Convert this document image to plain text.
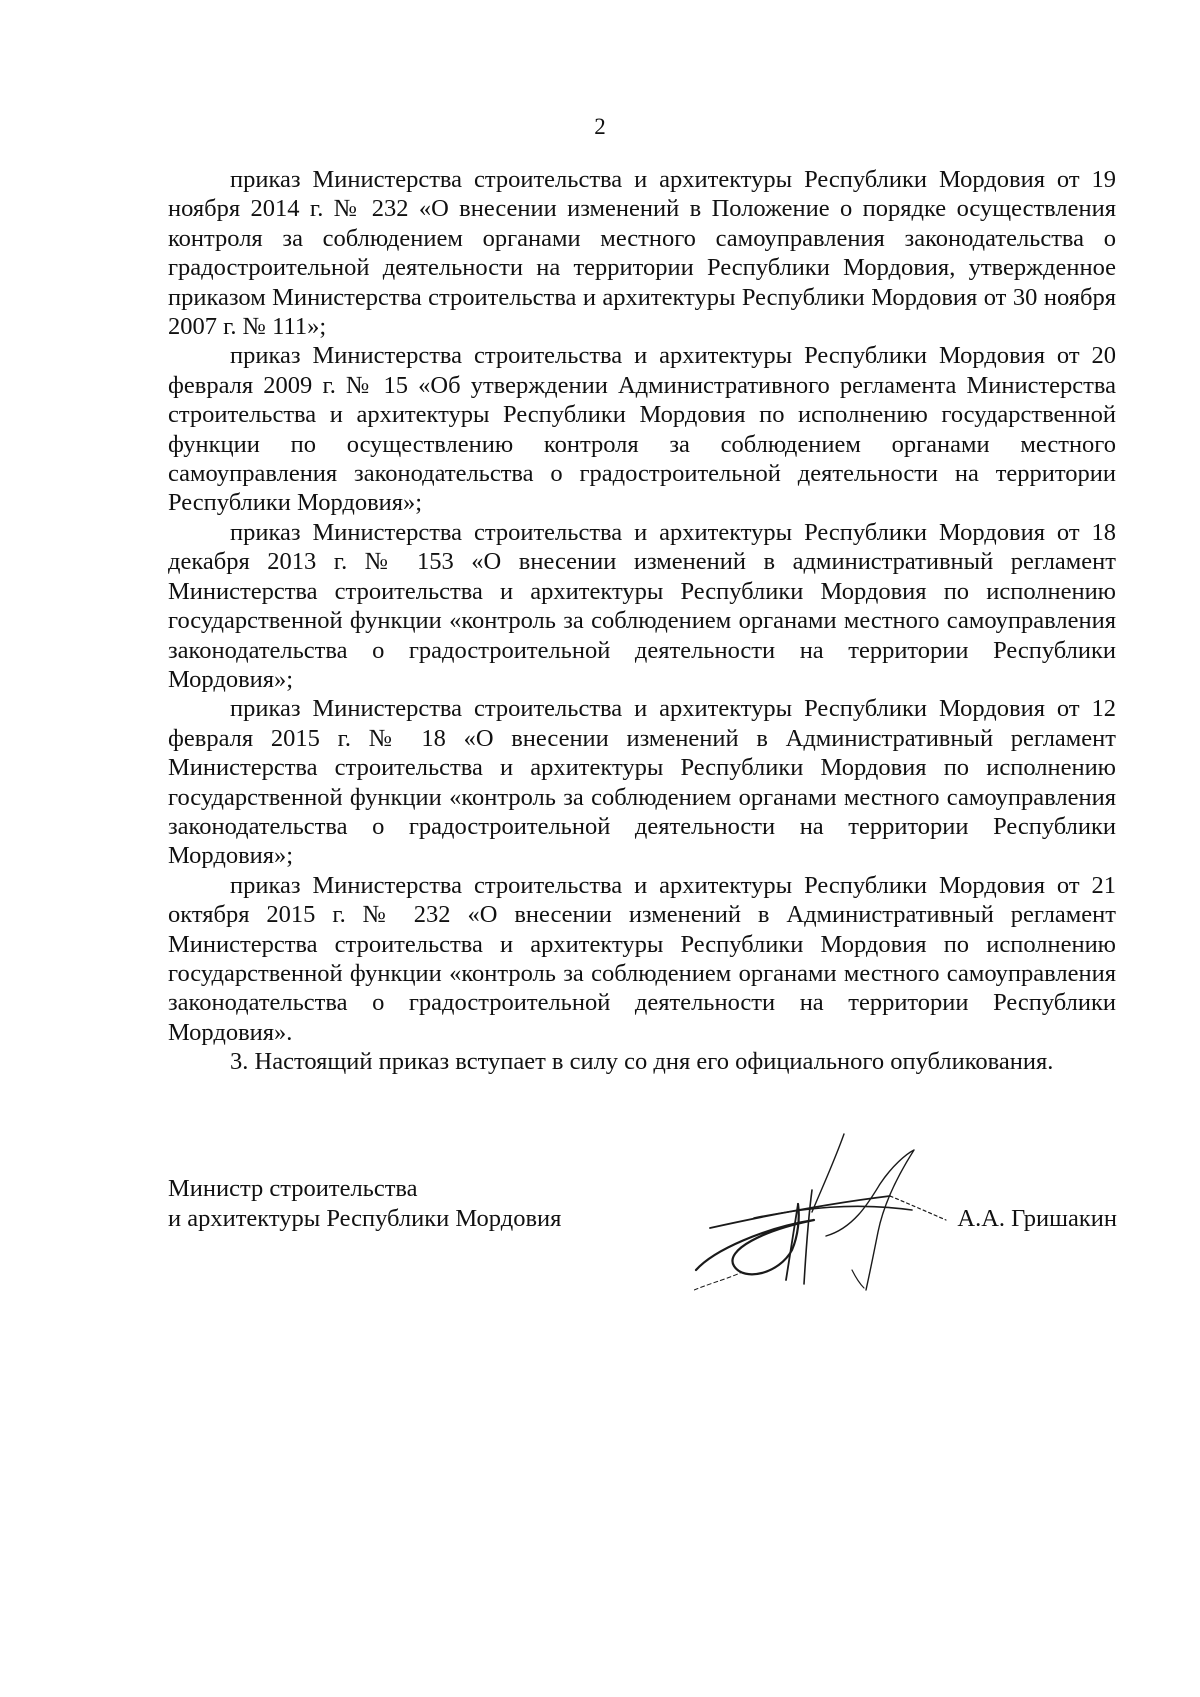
2

приказ Министерства строительства и архитектуры Республики Мордовия от 19 ноября 2014 г. № 232 «О внесении изменений в Положение о порядке осуществления контроля за соблюдением органами местного самоуправления законодательства о градостроительной деятельности на территории Республики Мордовия, утвержденное приказом Министерства строительства и архитектуры Республики Мордовия от 30 ноября 2007 г. № 111»;

приказ Министерства строительства и архитектуры Республики Мордовия от 20 февраля 2009 г. № 15 «Об утверждении Административного регламента Министерства строительства и архитектуры Республики Мордовия по исполнению государственной функции по осуществлению контроля за соблюдением органами местного самоуправления законодательства о градостроительной деятельности на территории Республики Мордовия»;

приказ Министерства строительства и архитектуры Республики Мордовия от 18 декабря 2013 г. № 153 «О внесении изменений в административный регламент Министерства строительства и архитектуры Республики Мордовия по исполнению государственной функции «контроль за соблюдением органами местного самоуправления законодательства о градостроительной деятельности на территории Республики Мордовия»;

приказ Министерства строительства и архитектуры Республики Мордовия от 12 февраля 2015 г. № 18 «О внесении изменений в Административный регламент Министерства строительства и архитектуры Республики Мордовия по исполнению государственной функции «контроль за соблюдением органами местного самоуправления законодательства о градостроительной деятельности на территории Республики Мордовия»;

приказ Министерства строительства и архитектуры Республики Мордовия от 21 октября 2015 г. № 232 «О внесении изменений в Административный регламент Министерства строительства и архитектуры Республики Мордовия по исполнению государственной функции «контроль за соблюдением органами местного самоуправления законодательства о градостроительной деятельности на территории Республики Мордовия».

3. Настоящий приказ вступает в силу со дня его официального опубликования.

Министр строительства
и архитектуры Республики Мордовия	А.А. Гришакин
